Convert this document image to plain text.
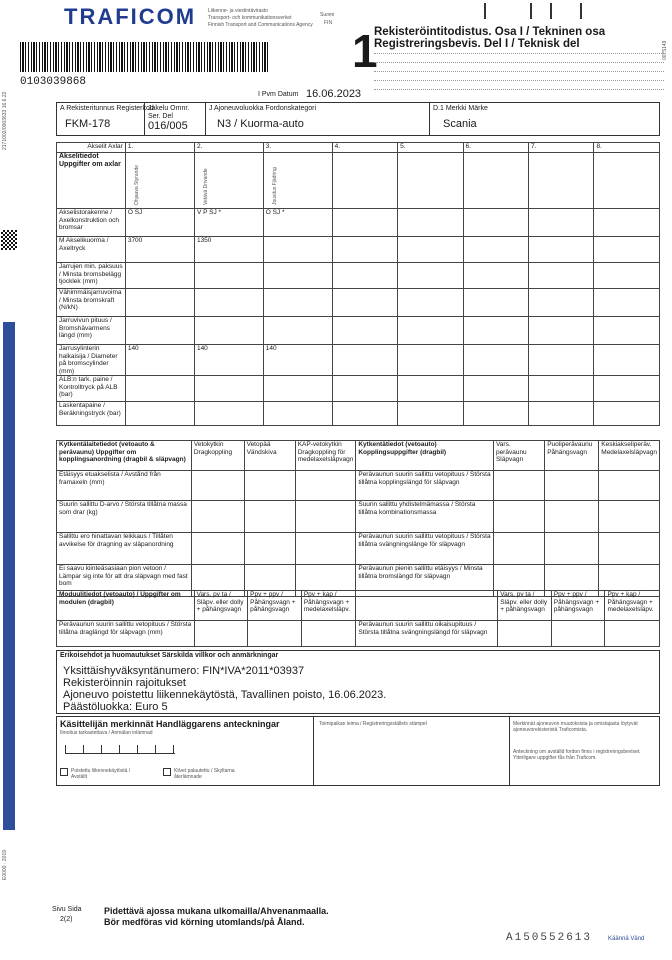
2171002/0003633 16.6.22
E0000 · 2019
TRAFICOM Liikenne- ja viestintävirasto
Transport- och kommunikationsverket
Finnish Transport and Communications Agency
Suomi
FIN
0075149
0103039868
1
Rekisteröintitodistus. Osa I / Tekninen osa
Registreringsbevis. Del I / Teknisk del
I Pvm Datum 16.06.2023
A Rekisteritunnus Registerkod
FKM-178
Jakelu Omnr. Ser. Del
016/005
J Ajoneuvoluokka Fordonskategori
N3 / Kuorma-auto
D.1 Merkki Märke
Scania
Akselit Axlar	1.	2.	3.	4.	5.	6.	7.	8.
Akselitiedot Uppgifter om axlar	Ohjaava Styrande	Vetävä Drivande	Jousitus Fjädring					

Akselistorakenne / Axelkonstruktion och bromsar	O SJ	V P SJ *	O SJ *					
M Akselikuorma / Axeltryck	3700	1350						
Jarrujen min. paksuus / Minsta bromsbelägg tjocklek (mm)								
Vähimmäisjarruvoima / Minsta bromskraft (N/kN)								
Jarruvivun pituus / Bromshävarmens längd (mm)								
Jarrusylinterin halkaisija / Diameter på bromscylinder (mm)	140	140	140					
ALB:n tark. paine / Kontrolltryck på ALB (bar)								
Laskentapaine / Beräkningstryck (bar)								
Kytkentälaitetiedot (vetoauto & perävaunu) Uppgifter om kopplingsanordning (dragbil & släpvagn)	Vetokytkin Dragkoppling	Vetopää Vändskiva	KAP-vetokytkin Dragkoppling för medelaxelsläpvagn	Kytkentätiedot (vetoauto) Kopplingsuppgifter (dragbil)	Vars. perävaunu Släpvagn	Puoliperävaunu Påhängsvagn	Keskiakseliperäv. Medelaxelsläpvagn
Etäisyys etuakselista / Avstånd från framaxeln (mm)				Perävaunun suurin sallittu vetopituus / Största tillåtna kopplingslängd för släpvagn			
Suurin sallittu D-arvo / Största tillåtna massa som drar (kg)				Suurin sallittu yhdistelmämassa / Största tillåtna kombinationsmassa			
Sallittu ero hinattavan leikkaus / Tillåten avvikelse för dragning av släpanordning				Perävaunun suurin sallittu vetopituus / Största tillåtna svängningslänge för släpvagn			
Ei saavu kiinteäsasiaan pion vetoon / Lämpar sig inte för att dra släpvagn med fast bom				Perävaunun pienin sallittu etäisyys / Minsta tillåtna bromslängd för släpvagn			
Moduulitiedot (vetoauto) / Uppgifter om modulen (dragbil)	Vars. pv ta / Släpv. eller dolly + påhängsvagn	Ppv + ppv / Påhängsvagn + påhängsvagn	Ppv + kap / Påhängsvagn + medelaxelsläpv.		Vars. pv ta / Släpv. eller dolly + påhängsvagn	Ppv + ppv / Påhängsvagn + påhängsvagn	Ppv + kap / Påhängsvagn + medelaxelsläpv.
Perävaunun suurin sallittu vetopituus / Största tillåtna draglängd för släpvagn (mm)				Perävaunun suurin sallittu oikaisupituus / Största tillåtna svängningslängd för släpvagn			
Erikoisehdot ja huomautukset Särskilda villkor och anmärkningar
Yksittäishyväksyntänumero: FIN*IVA*2011*03937
Rekisteröinnin rajoitukset
Ajoneuvo poistettu liikennekäytöstä, Tavallinen poisto, 16.06.2023.
Päästöluokka: Euro 5
Käsittelijän merkinnät Handläggarens anteckningar
Ilmoitus tarkastettava / Anmälan inlämnad
Poistettu liikennekäytöstä / Avställt
Kilvet palautettu / Skyltarna återlämnade
Toimipaikan leima / Registreringsställets stämpel	Merkinnät ajoneuvon muutoksista ja omistajasta löytyvät ajoneuvorekisteristä Traficomista.
Anteckning om avställd fordon finns i registreringsbeviset. Ytterligare uppgifter fås från Traficom.
Sivu Sida
2(2)
Pidettävä ajossa mukana ulkomailla/Ahvenanmaalla.
Bör medföras vid körning utomlands/på Åland.
A150552613	Käännä Vänd
